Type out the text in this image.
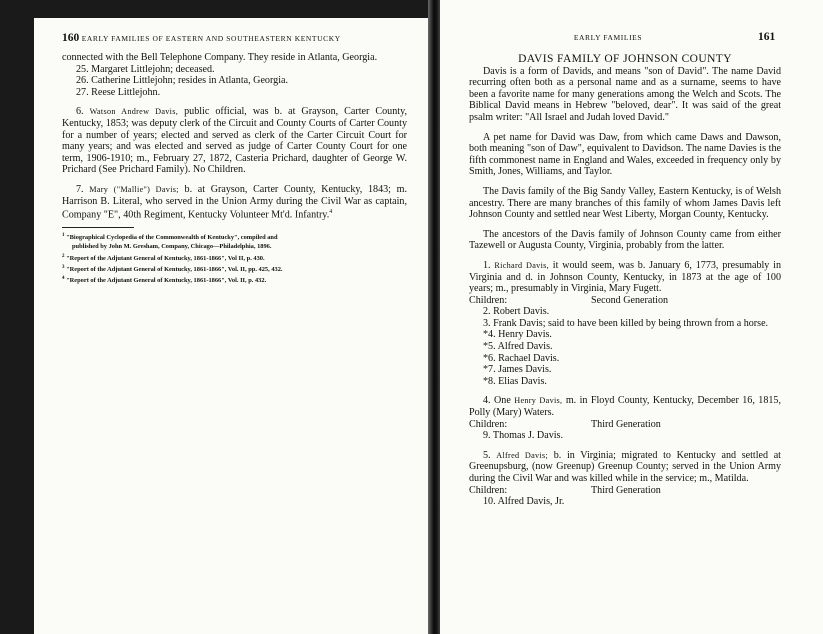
160 EARLY FAMILIES OF EASTERN AND SOUTHEASTERN KENTUCKY

connected with the Bell Telephone Company. They reside in Atlanta, Georgia.

25. Margaret Littlejohn; deceased.

26. Catherine Littlejohn; resides in Atlanta, Georgia.

27. Reese Littlejohn.

6. Watson Andrew Davis, public official, was b. at Grayson, Carter County, Kentucky, 1853; was deputy clerk of the Circuit and County Courts of Carter County for a number of years; elected and served as clerk of the Carter Circuit Court for many years; and was elected and served as judge of Carter County Court for one term, 1906-1910; m., February 27, 1872, Casteria Prichard, daughter of George W. Prichard (See Prichard Family). No Children.

7. Mary ("Mallie") Davis; b. at Grayson, Carter County, Kentucky, 1843; m. Harrison B. Literal, who served in the Union Army during the Civil War as captain, Company "E", 40th Regiment, Kentucky Volunteer Mt'd. Infantry.$^4$

$^1$ "Biographical Cyclopedia of the Commonwealth of Kentucky", compiled and

published by John M. Gresham, Company, Chicago—Philadelphia, 1896.

$^2$ "Report of the Adjutant General of Kentucky, 1861-1866", Vol II, p. 430.

$^3$ "Report of the Adjutant General of Kentucky, 1861-1866", Vol. II, pp. 425, 432.

$^4$ "Report of the Adjutant General of Kentucky, 1861-1866", Vol. II, p. 432.

EARLY FAMILIES	161

DAVIS FAMILY OF JOHNSON COUNTY

Davis is a form of Davids, and means "son of David". The name David recurring often both as a personal name and as a surname, seems to have been a favorite name for many generations among the Welch and Scots. The Biblical David means in Hebrew "beloved, dear". It was said of the great psalm writer: "All Israel and Judah loved David."

A pet name for David was Daw, from which came Daws and Dawson, both meaning "son of Daw", equivalent to Davidson. The name Davies is the fifth commonest name in England and Wales, exceeded in frequency only by Smith, Jones, Williams, and Taylor.

The Davis family of the Big Sandy Valley, Eastern Kentucky, is of Welsh ancestry. There are many branches of this family of whom James Davis left Johnson County and settled near West Liberty, Morgan County, Kentucky.

The ancestors of the Davis family of Johnson County came from either Tazewell or Augusta County, Virginia, probably from the latter.

1. Richard Davis, it would seem, was b. January 6, 1773, presumably in Virginia and d. in Johnson County, Kentucky, in 1873 at the age of 100 years; m., presumably in Virginia, Mary Fugett.

Children:	Second Generation

2. Robert Davis.

3. Frank Davis; said to have been killed by being thrown from a horse.

*4. Henry Davis.

*5. Alfred Davis.

*6. Rachael Davis.

*7. James Davis.

*8. Elias Davis.

4. One Henry Davis, m. in Floyd County, Kentucky, December 16, 1815, Polly (Mary) Waters.

Children:	Third Generation

9. Thomas J. Davis.

5. Alfred Davis; b. in Virginia; migrated to Kentucky and settled at Greenupsburg, (now Greenup) Greenup County; served in the Union Army during the Civil War and was killed while in the service; m., Matilda.

Children:	Third Generation

10. Alfred Davis, Jr.
